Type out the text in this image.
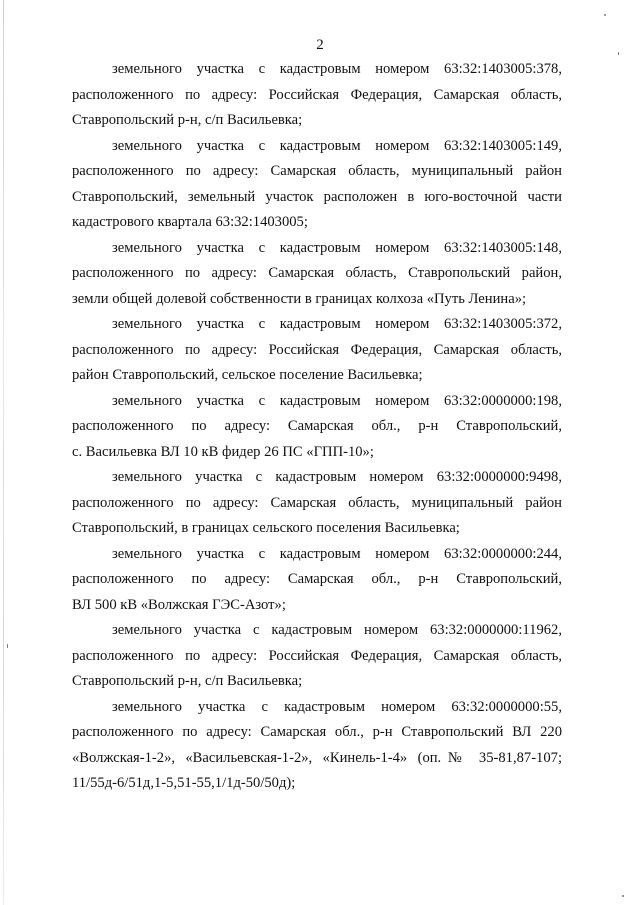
2

земельного участка с кадастровым номером 63:32:1403005:378,
расположенного по адресу: Российская Федерация, Самарская область,
Ставропольский р-н, с/п Васильевка;

земельного участка с кадастровым номером 63:32:1403005:149,
расположенного по адресу: Самарская область, муниципальный район
Ставропольский, земельный участок расположен в юго-восточной части
кадастрового квартала 63:32:1403005;

земельного участка с кадастровым номером 63:32:1403005:148,
расположенного по адресу: Самарская область, Ставропольский район,
земли общей долевой собственности в границах колхоза «Путь Ленина»;

земельного участка с кадастровым номером 63:32:1403005:372,
расположенного по адресу: Российская Федерация, Самарская область,
район Ставропольский, сельское поселение Васильевка;

земельного участка с кадастровым номером 63:32:0000000:198,
расположенного по адресу: Самарская обл., р-н Ставропольский,
с. Васильевка ВЛ 10 кВ фидер 26 ПС «ГПП-10»;

земельного участка с кадастровым номером 63:32:0000000:9498,
расположенного по адресу: Самарская область, муниципальный район
Ставропольский, в границах сельского поселения Васильевка;

земельного участка с кадастровым номером 63:32:0000000:244,
расположенного по адресу: Самарская обл., р-н Ставропольский,
ВЛ 500 кВ «Волжская ГЭС-Азот»;

земельного участка с кадастровым номером 63:32:0000000:11962,
расположенного по адресу: Российская Федерация, Самарская область,
Ставропольский р-н, с/п Васильевка;

земельного участка с кадастровым номером 63:32:0000000:55,
расположенного по адресу: Самарская обл., р-н Ставропольский ВЛ 220
«Волжская-1-2», «Васильевская-1-2», «Кинель-1-4» (оп.№ 35-81,87-107;
11/55д-6/51д,1-5,51-55,1/1д-50/50д);
